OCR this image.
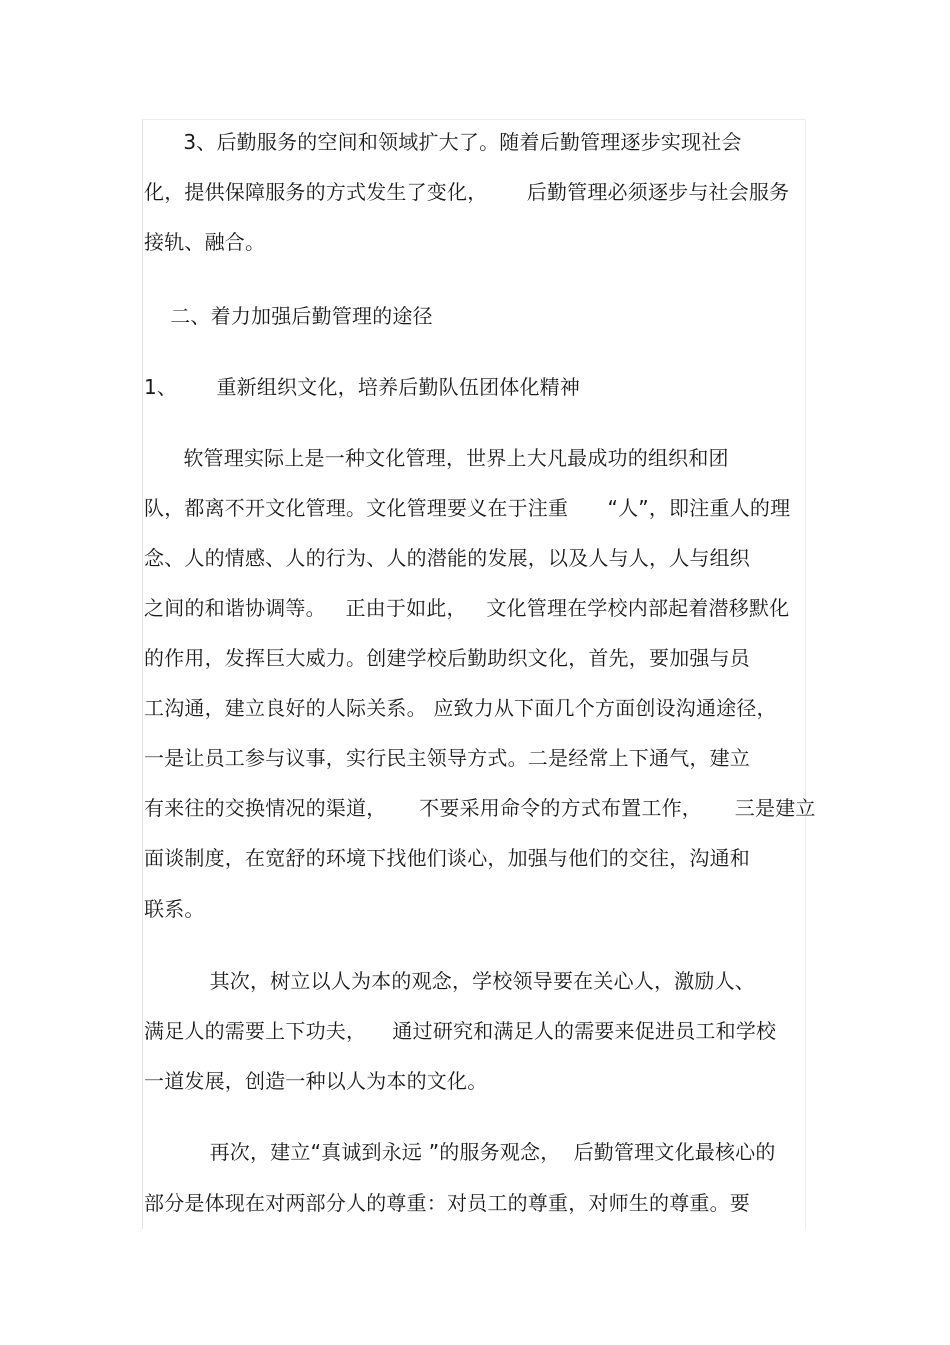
3、后勤服务的空间和领域扩大了。随着后勤管理逐步实现社会
化，提供保障服务的方式发生了变化，      后勤管理必须逐步与社会服务
接轨、融合。
二、着力加强后勤管理的途径
1、      重新组织文化，培养后勤队伍团体化精神
软管理实际上是一种文化管理，世界上大凡最成功的组织和团
队，都离不开文化管理。文化管理要义在于注重      “人”，即注重人的理
念、人的情感、人的行为、人的潜能的发展，以及人与人，人与组织
之间的和谐协调等。   正由于如此，   文化管理在学校内部起着潜移默化
的作用，发挥巨大威力。创建学校后勤助织文化，首先，要加强与员
工沟通，建立良好的人际关系。 应致力从下面几个方面创设沟通途径，
一是让员工参与议事，实行民主领导方式。二是经常上下通气，建立
有来往的交换情况的渠道，     不要采用命令的方式布置工作，     三是建立
面谈制度，在宽舒的环境下找他们谈心，加强与他们的交往，沟通和
联系。
其次，树立以人为本的观念，学校领导要在关心人，激励人、
满足人的需要上下功夫，    通过研究和满足人的需要来促进员工和学校
一道发展，创造一种以人为本的文化。
再次，建立“真诚到永远 ”的服务观念，  后勤管理文化最核心的
部分是体现在对两部分人的尊重：对员工的尊重，对师生的尊重。要
